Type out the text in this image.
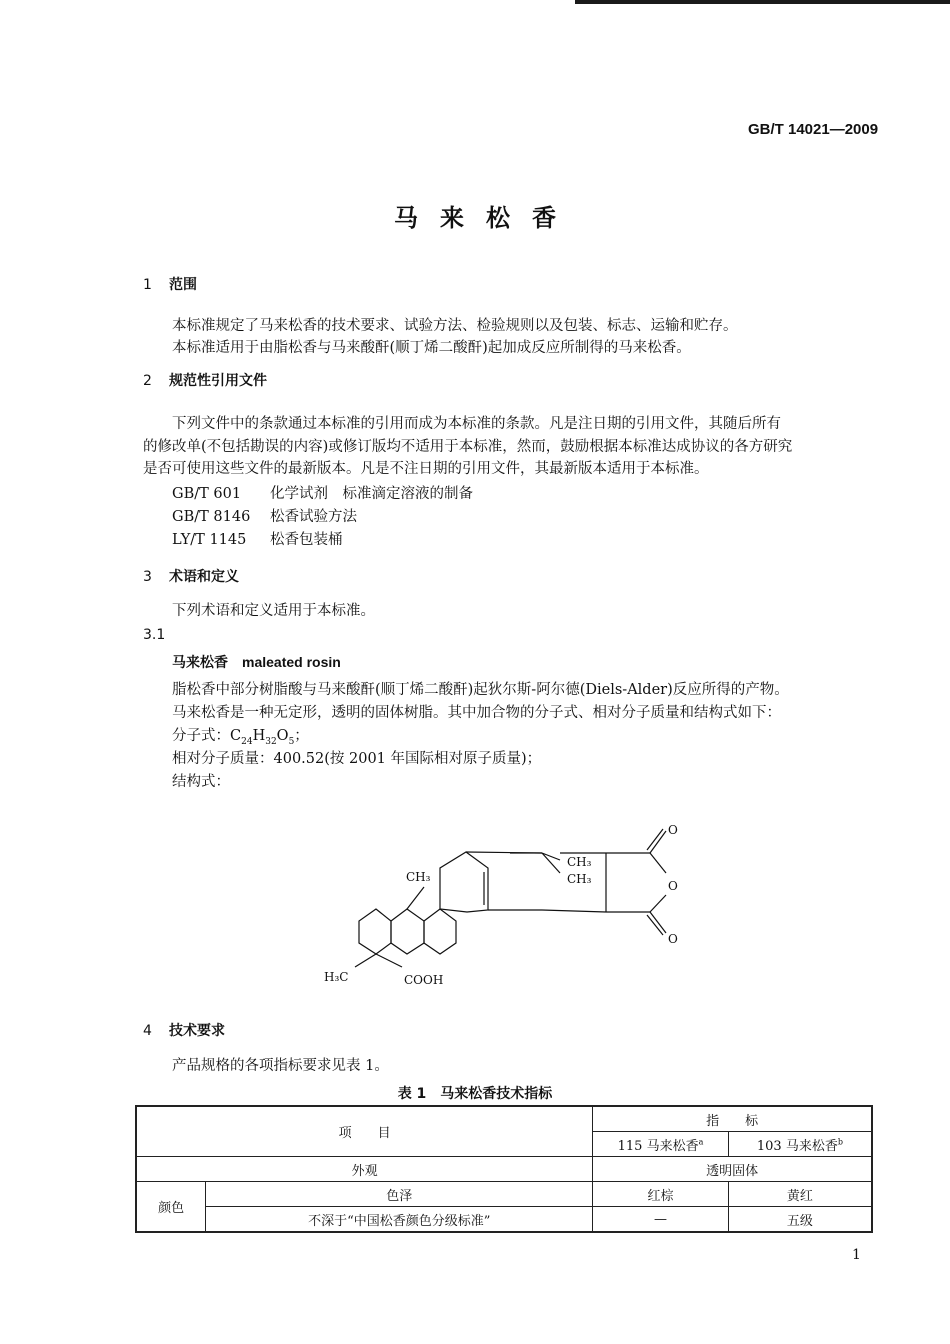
GB/T 14021—2009
马来松香
1 范围
本标准规定了马来松香的技术要求、试验方法、检验规则以及包装、标志、运输和贮存。
本标准适用于由脂松香与马来酸酐(顺丁烯二酸酐)起加成反应所制得的马来松香。
2 规范性引用文件
下列文件中的条款通过本标准的引用而成为本标准的条款。凡是注日期的引用文件，其随后所有
的修改单(不包括勘误的内容)或修订版均不适用于本标准，然而，鼓励根据本标准达成协议的各方研究
是否可使用这些文件的最新版本。凡是不注日期的引用文件，其最新版本适用于本标准。
GB/T 601 化学试剂　标准滴定溶液的制备
GB/T 8146 松香试验方法
LY/T 1145 松香包装桶
3 术语和定义
下列术语和定义适用于本标准。
3.1
马来松香 maleated rosin
脂松香中部分树脂酸与马来酸酐(顺丁烯二酸酐)起狄尔斯-阿尔德(Diels-Alder)反应所得的产物。
马来松香是一种无定形，透明的固体树脂。其中加合物的分子式、相对分子质量和结构式如下：
分子式：$C_{24}H_{32}O_5$；
相对分子质量：400.52(按 2001 年国际相对原子质量)；
结构式：
CH₃
CH₃
CH₃
H₃C	COOH
O
O
O
4 技术要求
产品规格的各项指标要求见表 1。
表 1　马来松香技术指标
项　　目		指　　标	
		115 马来松香$^a$	103 马来松香$^b$
外观		透明固体	
颜色	色泽	红棕	黄红
	不深于“中国松香颜色分级标准”	—	五级
1
